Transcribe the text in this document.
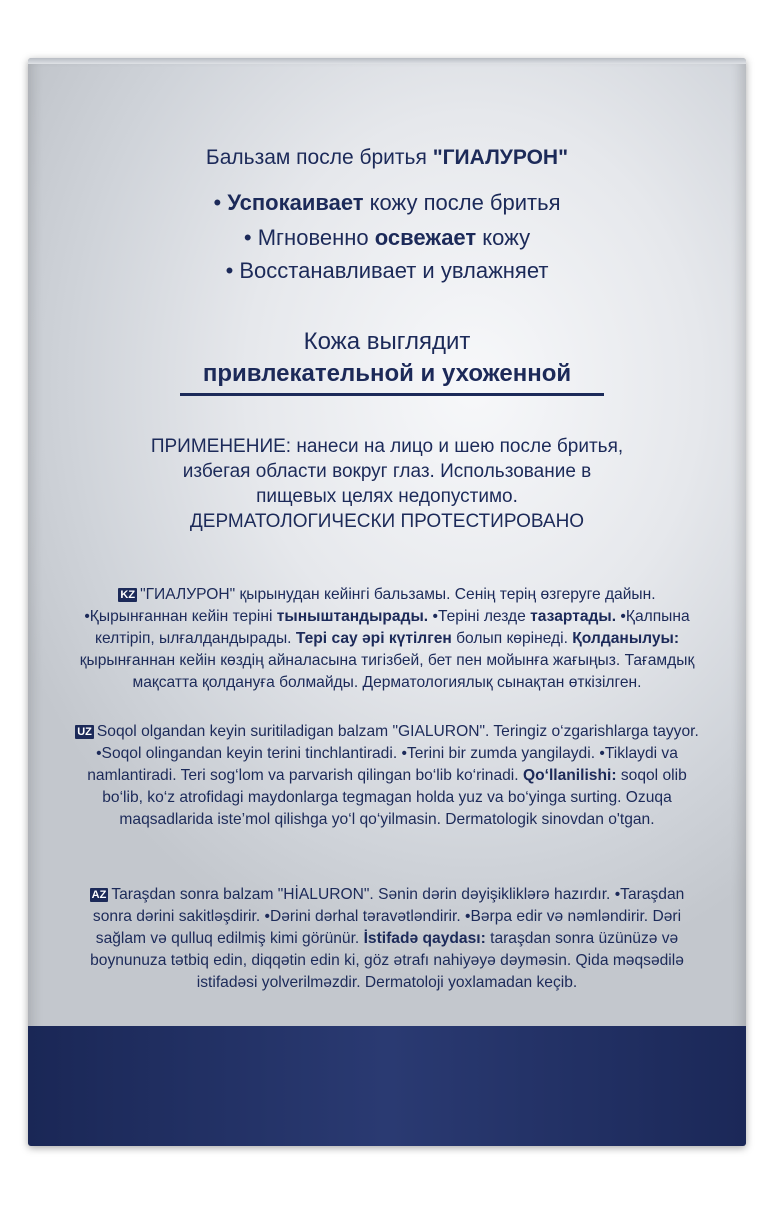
Бальзам после бритья "ГИАЛУРОН"
• Успокаивает кожу после бритья
• Мгновенно освежает кожу
• Восстанавливает и увлажняет
Кожа выглядит
привлекательной и ухоженной
ПРИМЕНЕНИЕ: нанеси на лицо и шею после бритья,
избегая области вокруг глаз. Использование в
пищевых целях недопустимо.
ДЕРМАТОЛОГИЧЕСКИ ПРОТЕСТИРОВАНО
KZ "ГИАЛУРОН" қырынудан кейінгі бальзамы. Сенің терің өзгеруге дайын. •Қырынғаннан кейін теріні тыныштандырады. •Теріні лезде тазартады. •Қалпына келтіріп, ылғалдандырады. Тері сау әрі күтілген болып көрінеді. Қолданылуы: қырынғаннан кейін көздің айналасына тигізбей, бет пен мойынға жағыңыз. Тағамдық мақсатта қолдануға болмайды. Дерматологиялық сынақтан өткізілген.
UZ Soqol olgandan keyin suritiladigan balzam "GIALURON". Teringiz o‘zgarishlarga tayyor. •Soqol olingandan keyin terini tinchlantiradi. •Terini bir zumda yangilaydi. •Tiklaydi va namlantiradi. Teri sog‘lom va parvarish qilingan bo‘lib ko‘rinadi. Qo‘llanilishi: soqol olib bo‘lib, ko‘z atrofidagi maydonlarga tegmagan holda yuz va bo‘yinga surting. Ozuqa maqsadlarida iste’mol qilishga yo‘l qo‘yilmasin. Dermatologik sinovdan o'tgan.
AZ Taraşdan sonra balzam "HİALURON". Sənin dərin dəyişikliklərə hazırdır. •Taraşdan sonra dərini sakitləşdirir. •Dərini dərhal təravətləndirir. •Bərpa edir və nəmləndirir. Dəri sağlam və qulluq edilmiş kimi görünür. İstifadə qaydası: taraşdan sonra üzünüzə və boynunuza tətbiq edin, diqqətin edin ki, göz ətrafı nahiyəyə dəyməsin. Qida məqsədilə istifadəsi yolverilməzdir. Dermatoloji yoxlamadan keçib.
